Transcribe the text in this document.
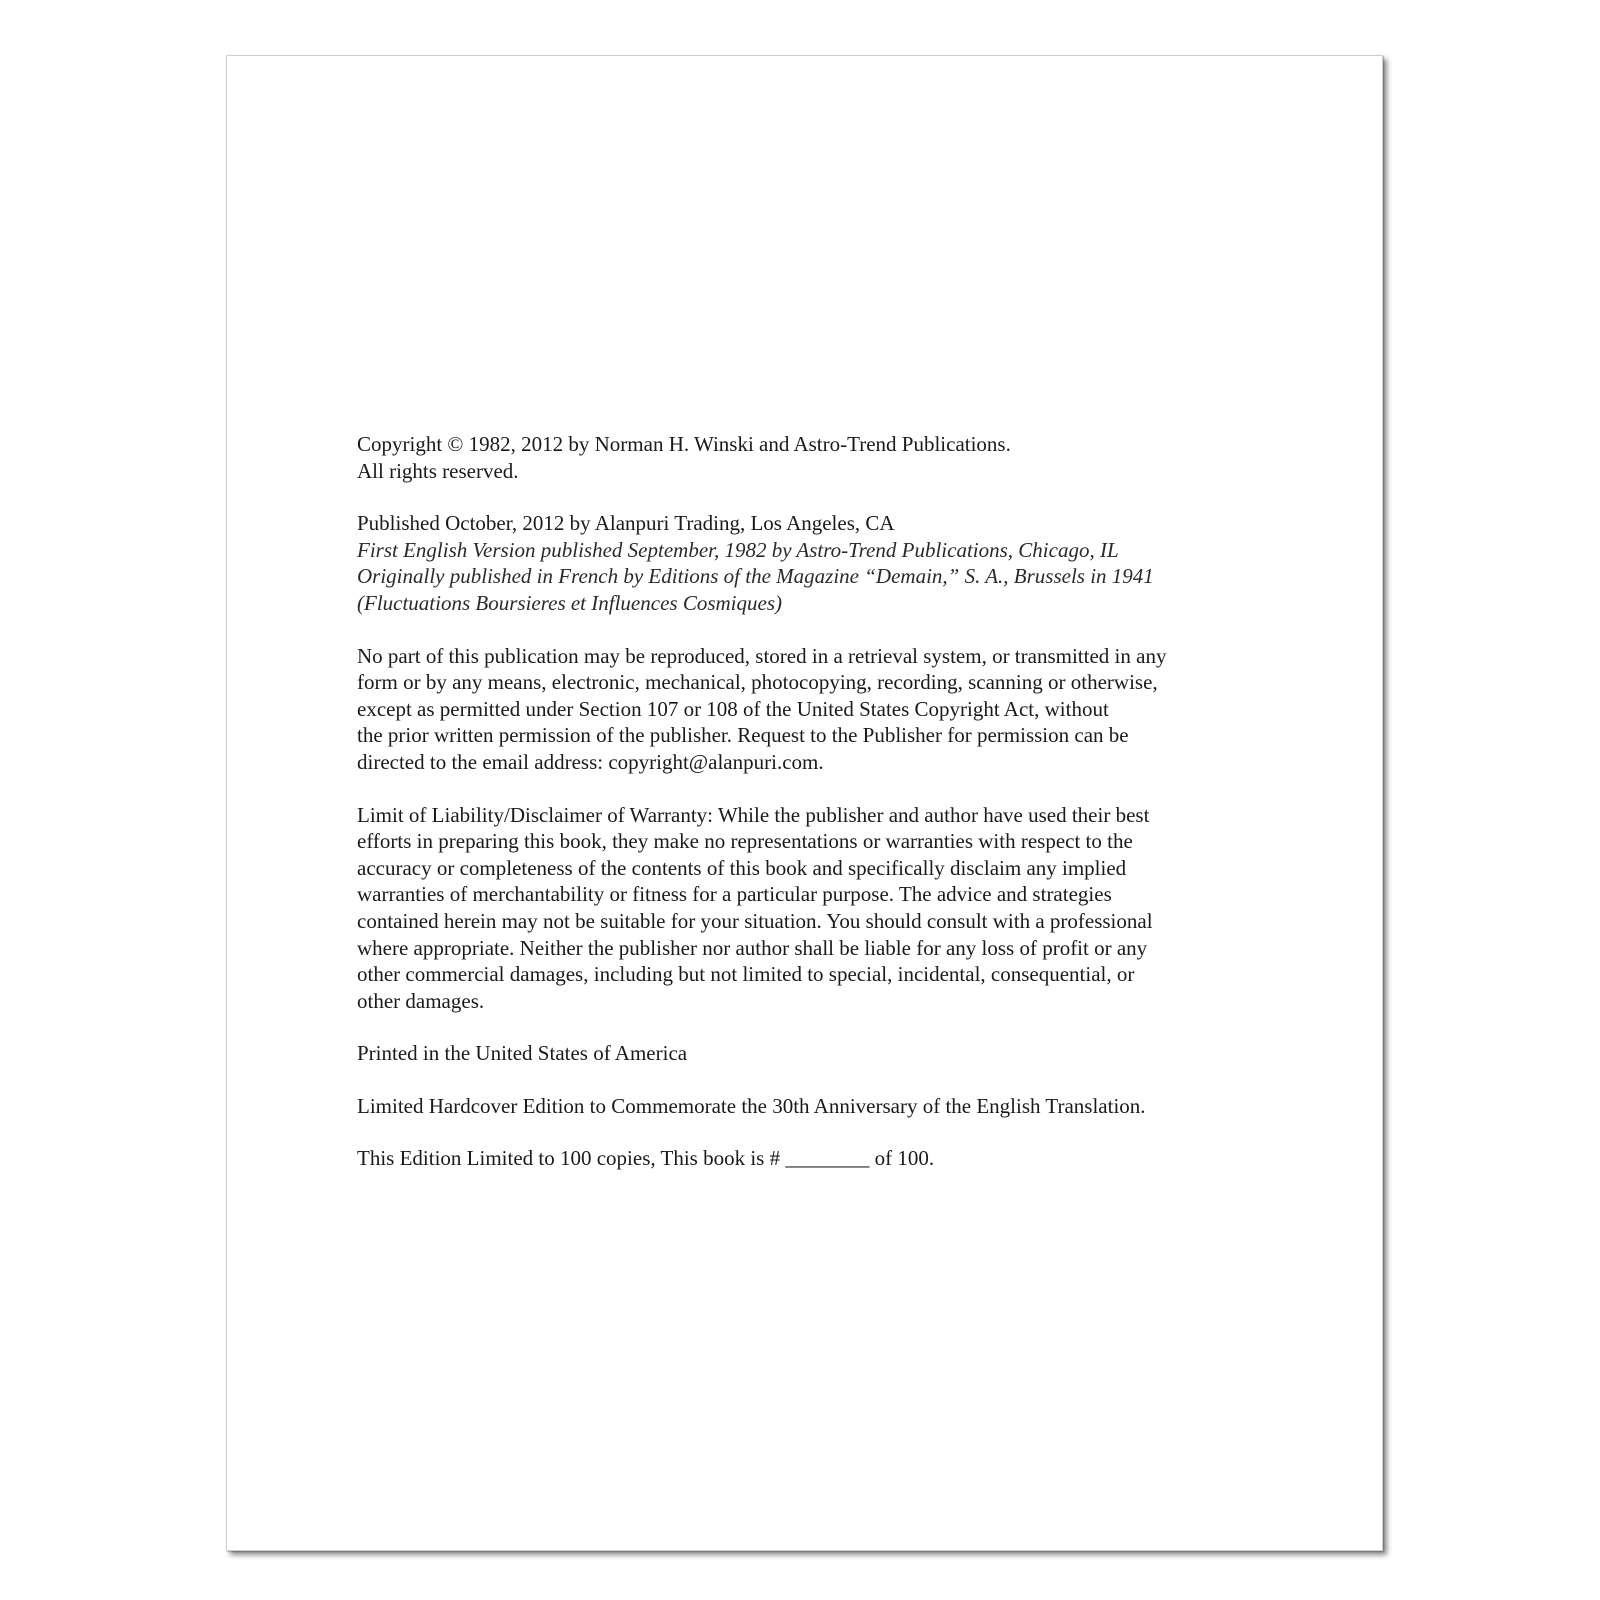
Copyright © 1982, 2012 by Norman H. Winski and Astro-Trend Publications.
All rights reserved.
Published October, 2012 by Alanpuri Trading, Los Angeles, CA
First English Version published September, 1982 by Astro-Trend Publications, Chicago, IL
Originally published in French by Editions of the Magazine “Demain,” S. A., Brussels in 1941
(Fluctuations Boursieres et Influences Cosmiques)
No part of this publication may be reproduced, stored in a retrieval system, or transmitted in any
form or by any means, electronic, mechanical, photocopying, recording, scanning or otherwise,
except as permitted under Section 107 or 108 of the United States Copyright Act, without
the prior written permission of the publisher. Request to the Publisher for permission can be
directed to the email address: copyright@alanpuri.com.
Limit of Liability/Disclaimer of Warranty: While the publisher and author have used their best
efforts in preparing this book, they make no representations or warranties with respect to the
accuracy or completeness of the contents of this book and specifically disclaim any implied
warranties of merchantability or fitness for a particular purpose. The advice and strategies
contained herein may not be suitable for your situation. You should consult with a professional
where appropriate. Neither the publisher nor author shall be liable for any loss of profit or any
other commercial damages, including but not limited to special, incidental, consequential, or
other damages.
Printed in the United States of America
Limited Hardcover Edition to Commemorate the 30th Anniversary of the English Translation.
This Edition Limited to 100 copies, This book is # ________ of 100.
